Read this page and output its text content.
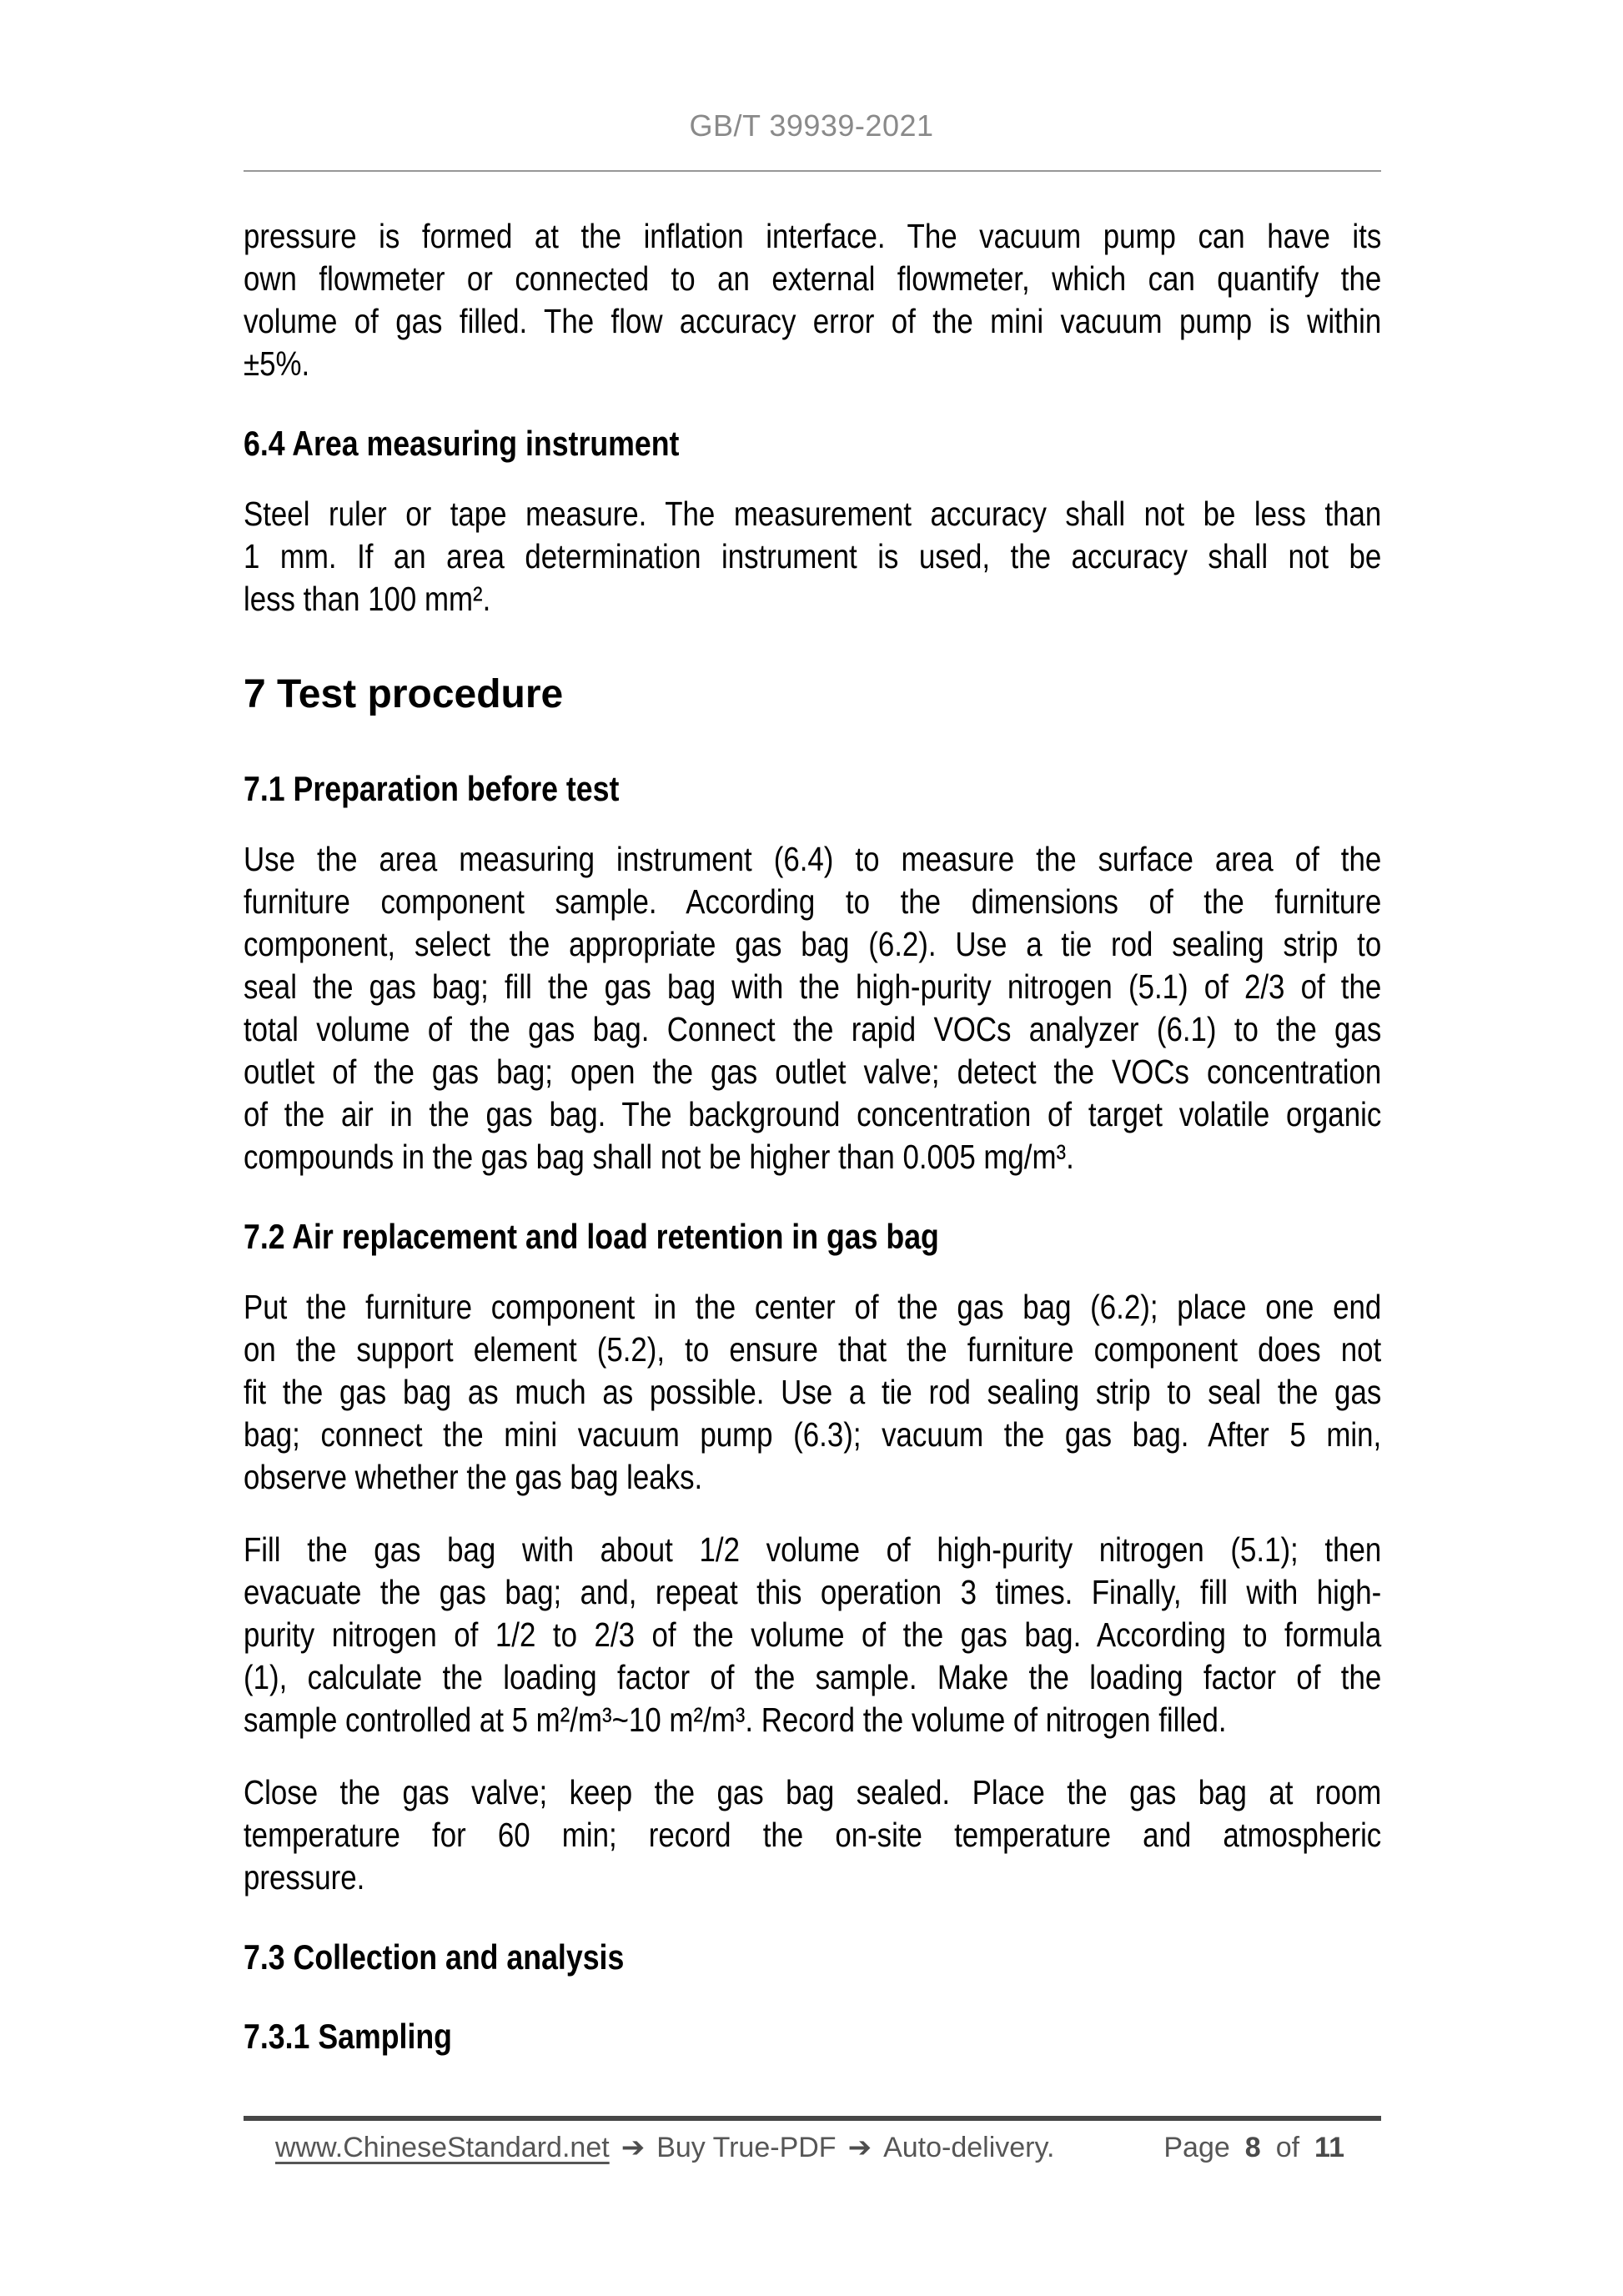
GB/T 39939-2021
pressure is formed at the inflation interface. The vacuum pump can have its
own flowmeter or connected to an external flowmeter, which can quantify the
volume of gas filled. The flow accuracy error of the mini vacuum pump is within
±5%.
6.4 Area measuring instrument
Steel ruler or tape measure. The measurement accuracy shall not be less than
1 mm. If an area determination instrument is used, the accuracy shall not be
less than 100 mm².
7 Test procedure
7.1 Preparation before test
Use the area measuring instrument (6.4) to measure the surface area of the
furniture component sample. According to the dimensions of the furniture
component, select the appropriate gas bag (6.2). Use a tie rod sealing strip to
seal the gas bag; fill the gas bag with the high-purity nitrogen (5.1) of 2/3 of the
total volume of the gas bag. Connect the rapid VOCs analyzer (6.1) to the gas
outlet of the gas bag; open the gas outlet valve; detect the VOCs concentration
of the air in the gas bag. The background concentration of target volatile organic
compounds in the gas bag shall not be higher than 0.005 mg/m³.
7.2 Air replacement and load retention in gas bag
Put the furniture component in the center of the gas bag (6.2); place one end
on the support element (5.2), to ensure that the furniture component does not
fit the gas bag as much as possible. Use a tie rod sealing strip to seal the gas
bag; connect the mini vacuum pump (6.3); vacuum the gas bag. After 5 min,
observe whether the gas bag leaks.
Fill the gas bag with about 1/2 volume of high-purity nitrogen (5.1); then
evacuate the gas bag; and, repeat this operation 3 times. Finally, fill with high-
purity nitrogen of 1/2 to 2/3 of the volume of the gas bag. According to formula
(1), calculate the loading factor of the sample. Make the loading factor of the
sample controlled at 5 m²/m³~10 m²/m³. Record the volume of nitrogen filled.
Close the gas valve; keep the gas bag sealed. Place the gas bag at room
temperature for 60 min; record the on-site temperature and atmospheric
pressure.
7.3 Collection and analysis
7.3.1 Sampling
www.ChineseStandard.net ➔ Buy True-PDF ➔ Auto-delivery.	Page 8 of 11
